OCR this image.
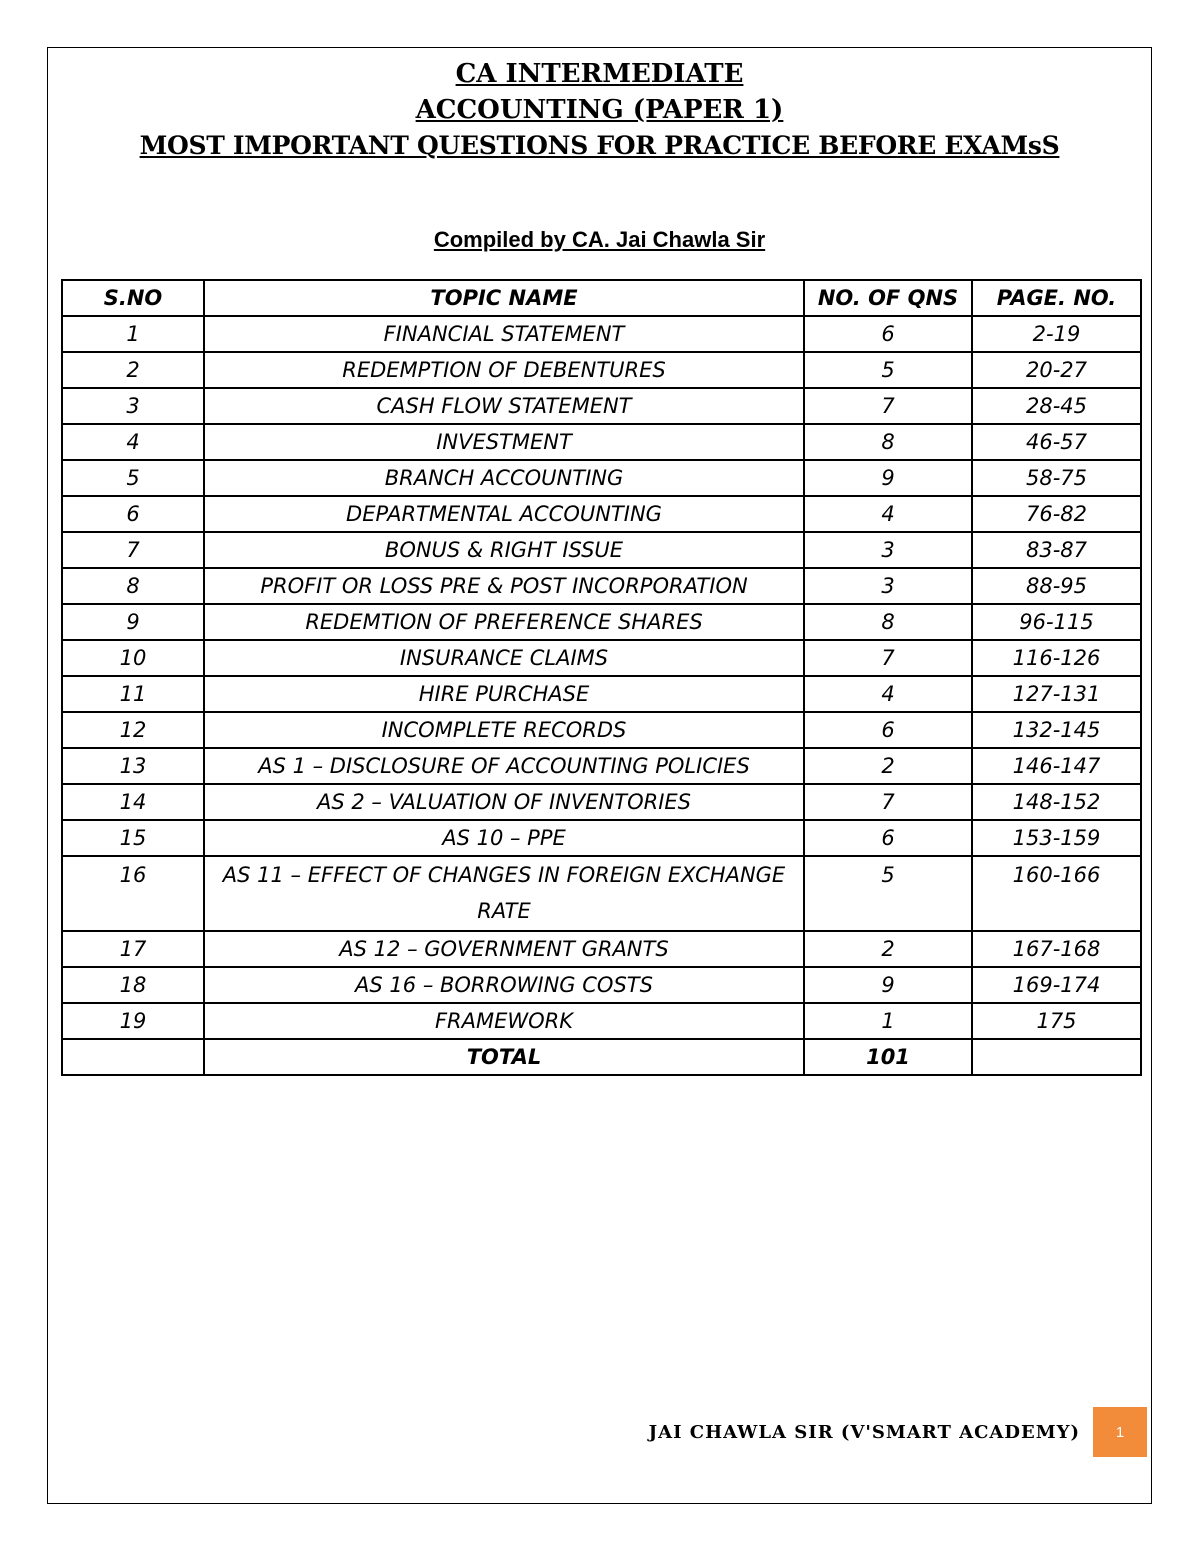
CA INTERMEDIATE
ACCOUNTING (PAPER 1)
MOST IMPORTANT QUESTIONS FOR PRACTICE BEFORE EXAMsS
Compiled by CA. Jai Chawla Sir
S.NO	TOPIC NAME	NO. OF QNS	PAGE. NO.
1	FINANCIAL STATEMENT	6	2-19
2	REDEMPTION OF DEBENTURES	5	20-27
3	CASH FLOW STATEMENT	7	28-45
4	INVESTMENT	8	46-57
5	BRANCH ACCOUNTING	9	58-75
6	DEPARTMENTAL ACCOUNTING	4	76-82
7	BONUS & RIGHT ISSUE	3	83-87
8	PROFIT OR LOSS PRE & POST INCORPORATION	3	88-95
9	REDEMTION OF PREFERENCE SHARES	8	96-115
10	INSURANCE CLAIMS	7	116-126
11	HIRE PURCHASE	4	127-131
12	INCOMPLETE RECORDS	6	132-145
13	AS 1 – DISCLOSURE OF ACCOUNTING POLICIES	2	146-147
14	AS 2 – VALUATION OF INVENTORIES	7	148-152
15	AS 10 – PPE	6	153-159
16	AS 11 – EFFECT OF CHANGES IN FOREIGN EXCHANGE RATE	5	160-166
17	AS 12 – GOVERNMENT GRANTS	2	167-168
18	AS 16 – BORROWING COSTS	9	169-174
19	FRAMEWORK	1	175
	TOTAL	101	
JAI CHAWLA SIR (V'SMART ACADEMY)	1
